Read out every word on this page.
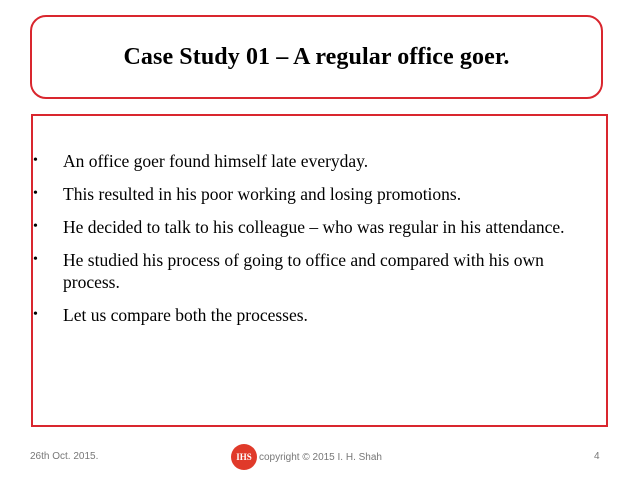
Case Study 01 – A regular office goer.
• An office goer found himself late everyday.
• This resulted in his poor working and losing promotions.
• He decided to talk to his colleague – who was regular in his attendance.
• He studied his process of going to office and compared with his own process.
• Let us compare both the processes.
26th Oct. 2015.	IHS copyright © 2015 I. H. Shah	4
